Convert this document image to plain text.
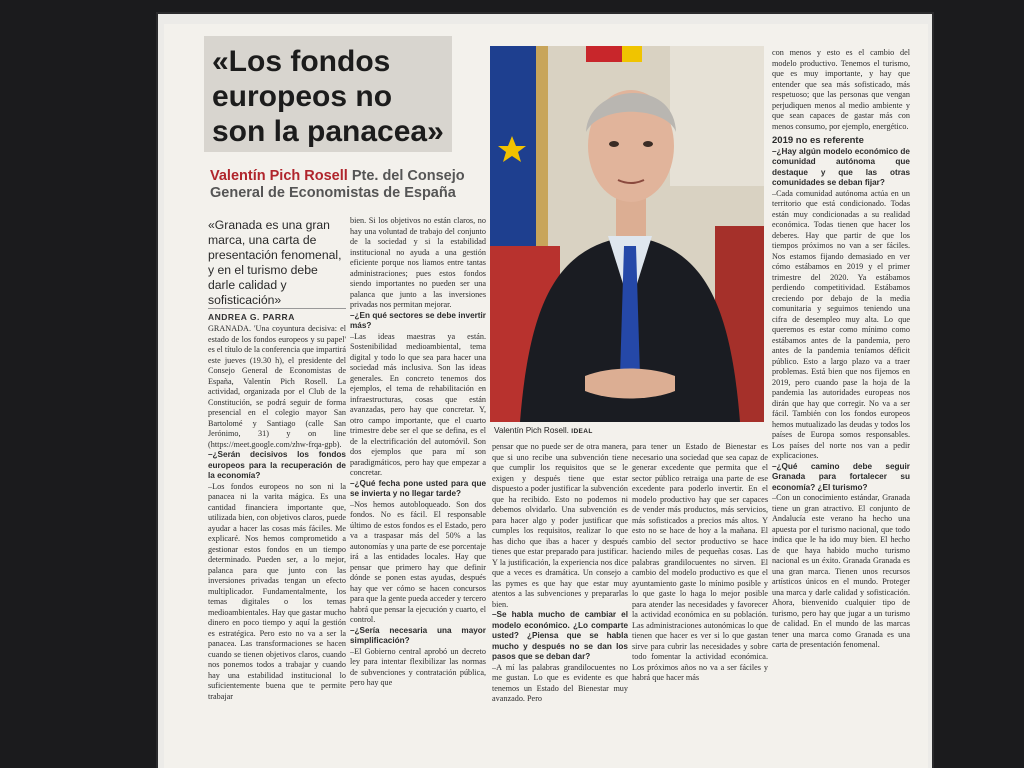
«Los fondos europeos no son la panacea»
Valentín Pich Rosell Pte. del Consejo General de Economistas de España
«Granada es una gran marca, una carta de presentación fenomenal, y en el turismo debe darle calidad y sofisticación»
ANDREA G. PARRA
Valentín Pich Rosell. IDEAL

GRANADA. 'Una coyuntura decisiva: el estado de los fondos europeos y su papel' es el título de la conferencia que impartirá este jueves (19.30 h), el presidente del Consejo General de Economistas de España, Valentín Pich Rosell. La actividad, organizada por el Club de la Constitución, se podrá seguir de forma presencial en el colegio mayor San Bartolomé y Santiago (calle San Jerónimo, 31) y on line (https://meet.google.com/zhw-frqa-gpb).

–¿Serán decisivos los fondos europeos para la recuperación de la economía?

–Los fondos europeos no son ni la panacea ni la varita mágica. Es una cantidad financiera importante que, utilizada bien, con objetivos claros, puede ayudar a hacer las cosas más fáciles. Me explicaré. Nos hemos comprometido a gestionar estos fondos en un tiempo determinado. Pueden ser, a lo mejor, palanca para que junto con las inversiones privadas tengan un efecto multiplicador. Fundamentalmente, los temas digitales o los temas medioambientales. Hay que gastar mucho dinero en poco tiempo y aquí la gestión es estratégica. Pero esto no va a ser la panacea. Las transformaciones se hacen cuando se tienen objetivos claros, cuando nos ponemos todos a trabajar y cuando hay una estabilidad institucional lo suficientemente buena que te permite trabajar

bien. Si los objetivos no están claros, no hay una voluntad de trabajo del conjunto de la sociedad y si la estabilidad institucional no ayuda a una gestión eficiente porque nos liamos entre tantas administraciones; pues estos fondos siendo importantes no pueden ser una palanca que junto a las inversiones privadas nos permitan mejorar.

–¿En qué sectores se debe invertir más?

–Las ideas maestras ya están. Sostenibilidad medioambiental, tema digital y todo lo que sea para hacer una sociedad más inclusiva. Son las ideas generales. En concreto tenemos dos ejemplos, el tema de rehabilitación en infraestructuras, cosas que están avanzadas, pero hay que concretar. Y, otro campo importante, que el cuarto trimestre debe ser el que se defina, es el de la electrificación del automóvil. Son dos ejemplos que para mí son paradigmáticos, pero hay que empezar a concretar.

–¿Qué fecha pone usted para que se invierta y no llegar tarde?

–Nos hemos autobloqueado. Son dos fondos. No es fácil. El responsable último de estos fondos es el Estado, pero va a traspasar más del 50% a las autonomías y una parte de ese porcentaje irá a las entidades locales. Hay que pensar que primero hay que definir dónde se ponen estas ayudas, después hay que ver cómo se hacen concursos para que la gente pueda acceder y tercero habrá que pensar la ejecución y cuarto, el control.

–¿Sería necesaria una mayor simplificación?

–El Gobierno central aprobó un decreto ley para intentar flexibilizar las normas de subvenciones y contratación pública, pero hay que

pensar que no puede ser de otra manera, que si uno recibe una subvención tiene que cumplir los requisitos que se le exigen y después tiene que estar dispuesto a poder justificar la subvención que ha recibido. Esto no podemos ni debemos olvidarlo. Una subvención es para hacer algo y poder justificar que cumples los requisitos, realizar lo que has dicho que ibas a hacer y después tienes que estar preparado para justificar. Y la justificación, la experiencia nos dice que a veces es dramática. Un consejo a las pymes es que hay que estar muy atentos a las subvenciones y prepararlas bien.

–Se habla mucho de cambiar el modelo económico. ¿Lo comparte usted? ¿Piensa que se habla mucho y después no se dan los pasos que se deban dar?

–A mí las palabras grandilocuentes no me gustan. Lo que es evidente es que tenemos un Estado del Bienestar muy avanzado. Pero

para tener un Estado de Bienestar es necesario una sociedad que sea capaz de generar excedente que permita que el sector público retraiga una parte de ese excedente para poderlo invertir. En el modelo productivo hay que ser capaces de vender más productos, más servicios, más sofisticados a precios más altos. Y esto no se hace de hoy a la mañana. El cambio del sector productivo se hace haciendo miles de pequeñas cosas. Las palabras grandilocuentes no sirven. El cambio del modelo productivo es que el ayuntamiento gaste lo mínimo posible y lo que gaste lo haga lo mejor posible para atender las necesidades y favorecer la actividad económica en su población. Las administraciones autonómicas lo que tienen que hacer es ver si lo que gastan sirve para cubrir las necesidades y sobre todo fomentar la actividad económica. Los próximos años no va a ser fáciles y habrá que hacer más

con menos y esto es el cambio del modelo productivo. Tenemos el turismo, que es muy importante, y hay que entender que sea más sofisticado, más respetuoso; que las personas que vengan perjudiquen menos al medio ambiente y que sean capaces de gastar más con menos consumo, por ejemplo, energético.

2019 no es referente

–¿Hay algún modelo económico de comunidad autónoma que destaque y que las otras comunidades se deban fijar?

–Cada comunidad autónoma actúa en un territorio que está condicionado. Todas están muy condicionadas a su realidad económica. Todas tienen que hacer los deberes. Hay que partir de que los tiempos próximos no van a ser fáciles. Nos estamos fijando demasiado en ver cómo estábamos en 2019 y el primer trimestre del 2020. Ya estábamos perdiendo competitividad. Estábamos creciendo por debajo de la media comunitaria y seguimos teniendo una cifra de desempleo muy alta. Lo que queremos es estar como mínimo como estábamos antes de la pandemia, pero antes de la pandemia teníamos déficit público. Esto a largo plazo va a traer problemas. Está bien que nos fijemos en 2019, pero cuando pase la hoja de la pandemia las autoridades europeas nos dirán que hay que corregir. No va a ser fácil. También con los fondos europeos hemos mutualizado las deudas y todos los países de Europa somos responsables. Los países del norte nos van a pedir explicaciones.

–¿Qué camino debe seguir Granada para fortalecer su economía? ¿El turismo?

–Con un conocimiento estándar, Granada tiene un gran atractivo. El conjunto de Andalucía este verano ha hecho una apuesta por el turismo nacional, que todo indica que le ha ido muy bien. El hecho de que haya habido mucho turismo nacional es un éxito. Granada Granada es una gran marca. Tienen unos recursos artísticos únicos en el mundo. Proteger una marca y darle calidad y sofisticación. Ahora, bienvenido cualquier tipo de turismo, pero hay que jugar a un turismo de calidad. En el mundo de las marcas tener una marca como Granada es una carta de presentación fenomenal.
